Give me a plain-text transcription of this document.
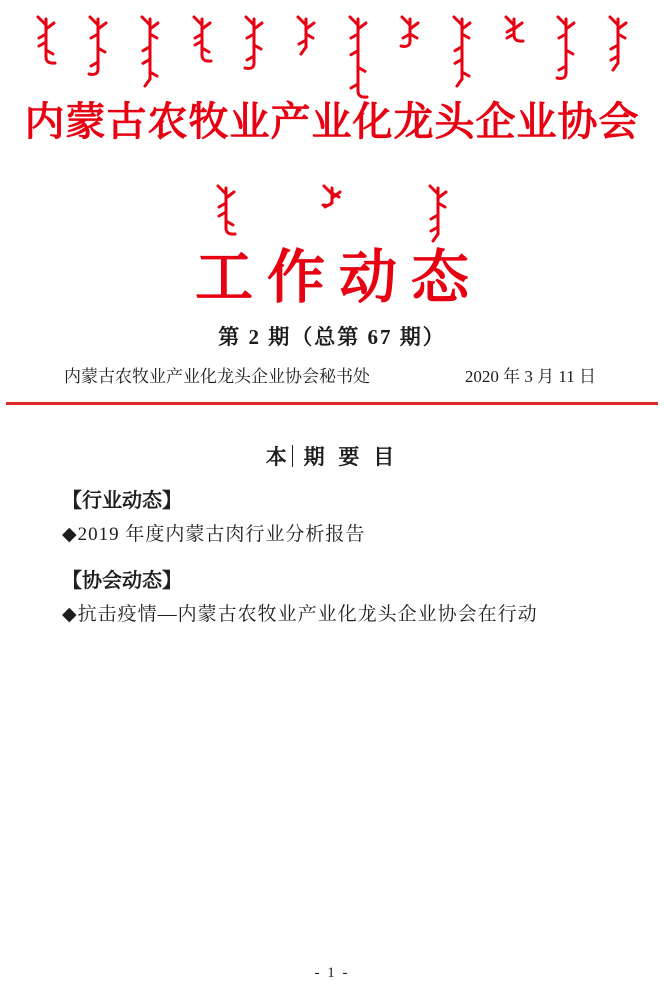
内蒙古农牧业产业化龙头企业协会
工作动态
第 2 期（总第 67 期）
内蒙古农牧业产业化龙头企业协会秘书处	2020 年 3 月 11 日
本 期 要 目
【行业动态】
◆2019 年度内蒙古肉行业分析报告
【协会动态】
◆抗击疫情—内蒙古农牧业产业化龙头企业协会在行动
- 1 -
